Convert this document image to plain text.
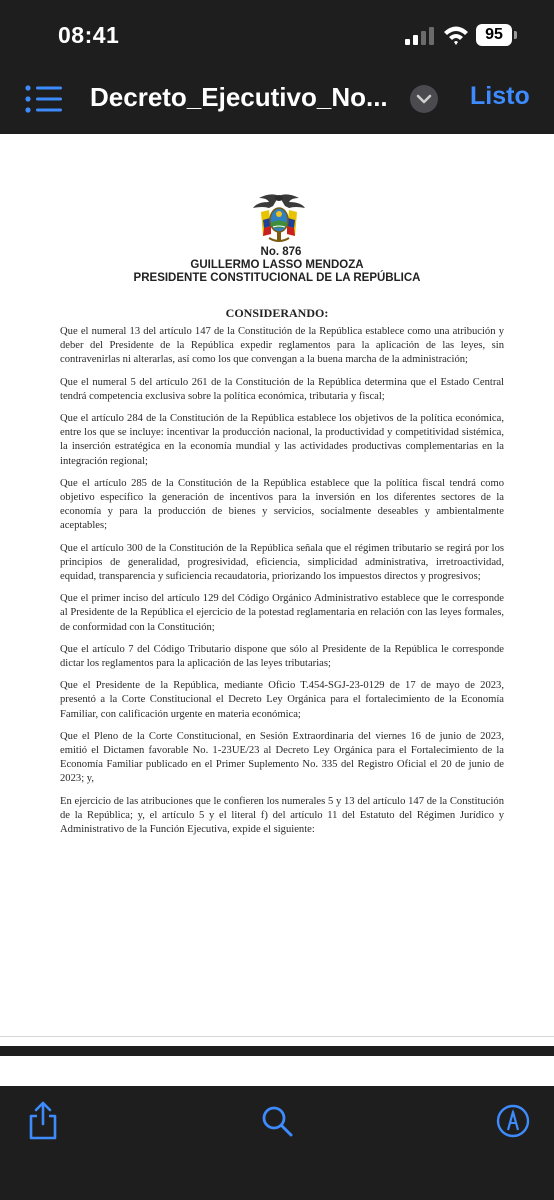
08:41	95
Decreto_Ejecutivo_No...	Listo
No. 876
GUILLERMO LASSO MENDOZA
PRESIDENTE CONSTITUCIONAL DE LA REPÚBLICA
CONSIDERANDO:

Que el numeral 13 del artículo 147 de la Constitución de la República establece como una atribución y deber del Presidente de la República expedir reglamentos para la aplicación de las leyes, sin contravenirlas ni alterarlas, así como los que convengan a la buena marcha de la administración;

Que el numeral 5 del artículo 261 de la Constitución de la República determina que el Estado Central tendrá competencia exclusiva sobre la política económica, tributaria y fiscal;

Que el artículo 284 de la Constitución de la República establece los objetivos de la política económica, entre los que se incluye: incentivar la producción nacional, la productividad y competitividad sistémica, la inserción estratégica en la economía mundial y las actividades productivas complementarias en la integración regional;

Que el artículo 285 de la Constitución de la República establece que la política fiscal tendrá como objetivo específico la generación de incentivos para la inversión en los diferentes sectores de la economía y para la producción de bienes y servicios, socialmente deseables y ambientalmente aceptables;

Que el artículo 300 de la Constitución de la República señala que el régimen tributario se regirá por los principios de generalidad, progresividad, eficiencia, simplicidad administrativa, irretroactividad, equidad, transparencia y suficiencia recaudatoria, priorizando los impuestos directos y progresivos;

Que el primer inciso del artículo 129 del Código Orgánico Administrativo establece que le corresponde al Presidente de la República el ejercicio de la potestad reglamentaria en relación con las leyes formales, de conformidad con la Constitución;

Que el artículo 7 del Código Tributario dispone que sólo al Presidente de la República le corresponde dictar los reglamentos para la aplicación de las leyes tributarias;

Que el Presidente de la República, mediante Oficio T.454-SGJ-23-0129 de 17 de mayo de 2023, presentó a la Corte Constitucional el Decreto Ley Orgánica para el fortalecimiento de la Economía Familiar, con calificación urgente en materia económica;

Que el Pleno de la Corte Constitucional, en Sesión Extraordinaria del viernes 16 de junio de 2023, emitió el Dictamen favorable No. 1-23UE/23 al Decreto Ley Orgánica para el Fortalecimiento de la Economía Familiar publicado en el Primer Suplemento No. 335 del Registro Oficial el 20 de junio de 2023; y,

En ejercicio de las atribuciones que le confieren los numerales 5 y 13 del artículo 147 de la Constitución de la República; y, el artículo 5 y el literal f) del artículo 11 del Estatuto del Régimen Jurídico y Administrativo de la Función Ejecutiva, expide el siguiente:
